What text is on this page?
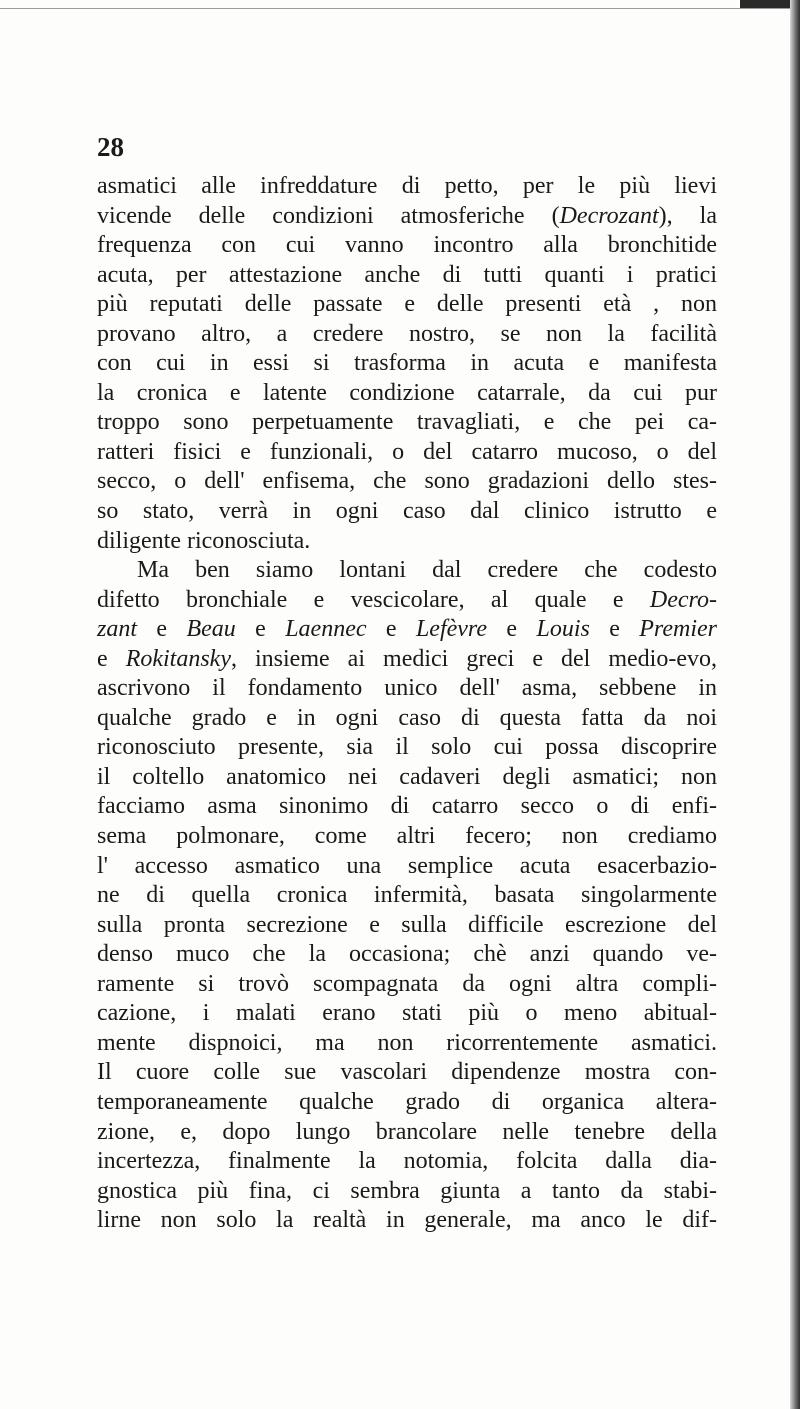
28
asmatici alle infreddature di petto, per le più lievi
vicende delle condizioni atmosferiche (Decrozant), la
frequenza con cui vanno incontro alla bronchitide
acuta, per attestazione anche di tutti quanti i pratici
più reputati delle passate e delle presenti età , non
provano altro, a credere nostro, se non la facilità
con cui in essi si trasforma in acuta e manifesta
la cronica e latente condizione catarrale, da cui pur
troppo sono perpetuamente travagliati, e che pei ca-
ratteri fisici e funzionali, o del catarro mucoso, o del
secco, o dell' enfisema, che sono gradazioni dello stes-
so stato, verrà in ogni caso dal clinico istrutto e
diligente riconosciuta.
Ma ben siamo lontani dal credere che codesto
difetto bronchiale e vescicolare, al quale e Decro-
zant e Beau e Laennec e Lefèvre e Louis e Premier
e Rokitansky, insieme ai medici greci e del medio-evo,
ascrivono il fondamento unico dell' asma, sebbene in
qualche grado e in ogni caso di questa fatta da noi
riconosciuto presente, sia il solo cui possa discoprire
il coltello anatomico nei cadaveri degli asmatici; non
facciamo asma sinonimo di catarro secco o di enfi-
sema polmonare, come altri fecero; non crediamo
l' accesso asmatico una semplice acuta esacerbazio-
ne di quella cronica infermità, basata singolarmente
sulla pronta secrezione e sulla difficile escrezione del
denso muco che la occasiona; chè anzi quando ve-
ramente si trovò scompagnata da ogni altra compli-
cazione, i malati erano stati più o meno abitual-
mente dispnoici, ma non ricorrentemente asmatici.
Il cuore colle sue vascolari dipendenze mostra con-
temporaneamente qualche grado di organica altera-
zione, e, dopo lungo brancolare nelle tenebre della
incertezza, finalmente la notomia, folcita dalla dia-
gnostica più fina, ci sembra giunta a tanto da stabi-
lirne non solo la realtà in generale, ma anco le dif-
